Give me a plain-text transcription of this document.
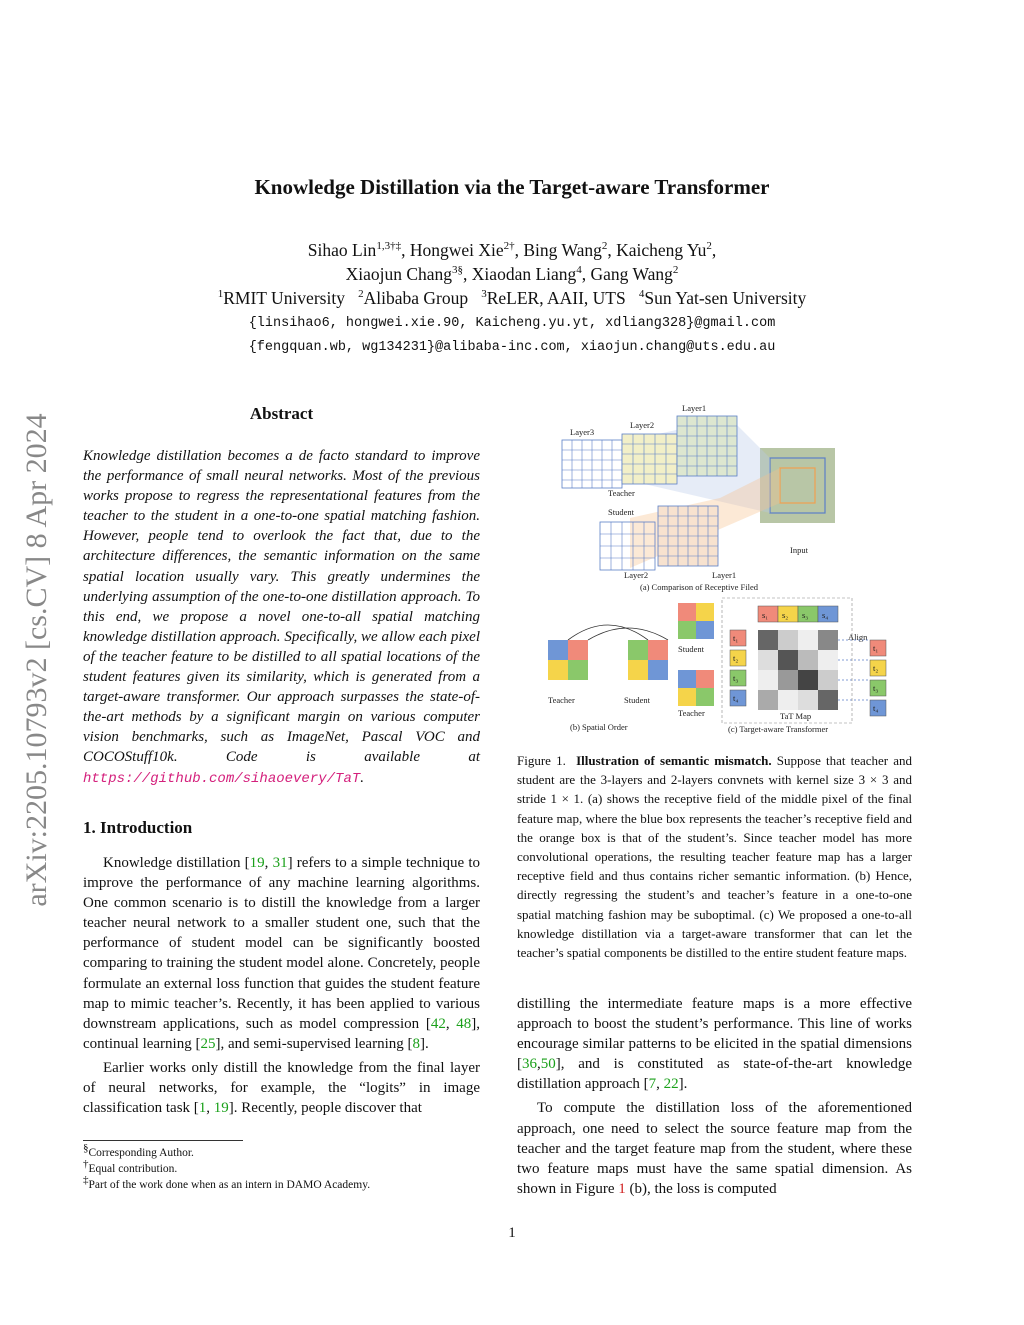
Knowledge Distillation via the Target-aware Transformer
Sihao Lin$^{1,3\dagger\ddagger}$, Hongwei Xie$^{2\dagger}$, Bing Wang$^2$, Kaicheng Yu$^2$,
Xiaojun Chang$^{3\S}$, Xiaodan Liang$^4$, Gang Wang$^2$
$^1$RMIT University   $^2$Alibaba Group   $^3$ReLER, AAII, UTS   $^4$Sun Yat-sen University
{linsihao6, hongwei.xie.90, Kaicheng.yu.yt, xdliang328}@gmail.com
{fengquan.wb, wg134231}@alibaba-inc.com, xiaojun.chang@uts.edu.au
arXiv:2205.10793v2 [cs.CV] 8 Apr 2024	Abstract
Knowledge distillation becomes a de facto standard to improve the performance of small neural networks. Most of the previous works propose to regress the representational features from the teacher to the student in a one-to-one spatial matching fashion. However, people tend to overlook the fact that, due to the architecture differences, the semantic information on the same spatial location usually vary. This greatly undermines the underlying assumption of the one-to-one distillation approach. To this end, we propose a novel one-to-all spatial matching knowledge distillation approach. Specifically, we allow each pixel of the teacher feature to be distilled to all spatial locations of the student features given its similarity, which is generated from a target-aware transformer. Our approach surpasses the state-of-the-art methods by a significant margin on various computer vision benchmarks, such as ImageNet, Pascal VOC and COCOStuff10k. Code is available at https://github.com/sihaoevery/TaT.
1. Introduction

Knowledge distillation [19, 31] refers to a simple technique to improve the performance of any machine learning algorithms. One common scenario is to distill the knowledge from a larger teacher neural network to a smaller student one, such that the performance of student model can be significantly boosted comparing to training the student model alone. Concretely, people formulate an external loss function that guides the student feature map to mimic teacher’s. Recently, it has been applied to various downstream applications, such as model compression [42, 48], continual learning [25], and semi-supervised learning [8].

Earlier works only distill the knowledge from the final layer of neural networks, for example, the “logits” in image classification task [1, 19]. Recently, people discover that

§Corresponding Author.
†Equal contribution.
‡Part of the work done when as an intern in DAMO Academy.
Layer3
Layer2
Layer1
Teacher
Student
Input
Layer2	Layer1
(a) Comparison of Receptive Filed
Teacher	Student
(b) Spatial Order
Student
Teacher
s₁ s₂ s₃ s₄
t₁
t₂
t₃
t₄
TaT Map
Align
t₁
t₂
t₃
t₄
(c) Target-aware Transformer
Figure 1. Illustration of semantic mismatch. Suppose that teacher and student are the 3-layers and 2-layers convnets with kernel size 3 × 3 and stride 1 × 1. (a) shows the receptive field of the middle pixel of the final feature map, where the blue box represents the teacher’s receptive field and the orange box is that of the student’s. Since teacher model has more convolutional operations, the resulting teacher feature map has a larger receptive field and thus contains richer semantic information. (b) Hence, directly regressing the student’s and teacher’s feature in a one-to-one spatial matching fashion may be suboptimal. (c) We proposed a one-to-all knowledge distillation via a target-aware transformer that can let the teacher’s spatial components be distilled to the entire student feature maps.

distilling the intermediate feature maps is a more effective approach to boost the student’s performance. This line of works encourage similar patterns to be elicited in the spatial dimensions [36,50], and is constituted as state-of-the-art knowledge distillation approach [7, 22].

To compute the distillation loss of the aforementioned approach, one need to select the source feature map from the teacher and the target feature map from the student, where these two feature maps must have the same spatial dimension. As shown in Figure 1 (b), the loss is computed

1
